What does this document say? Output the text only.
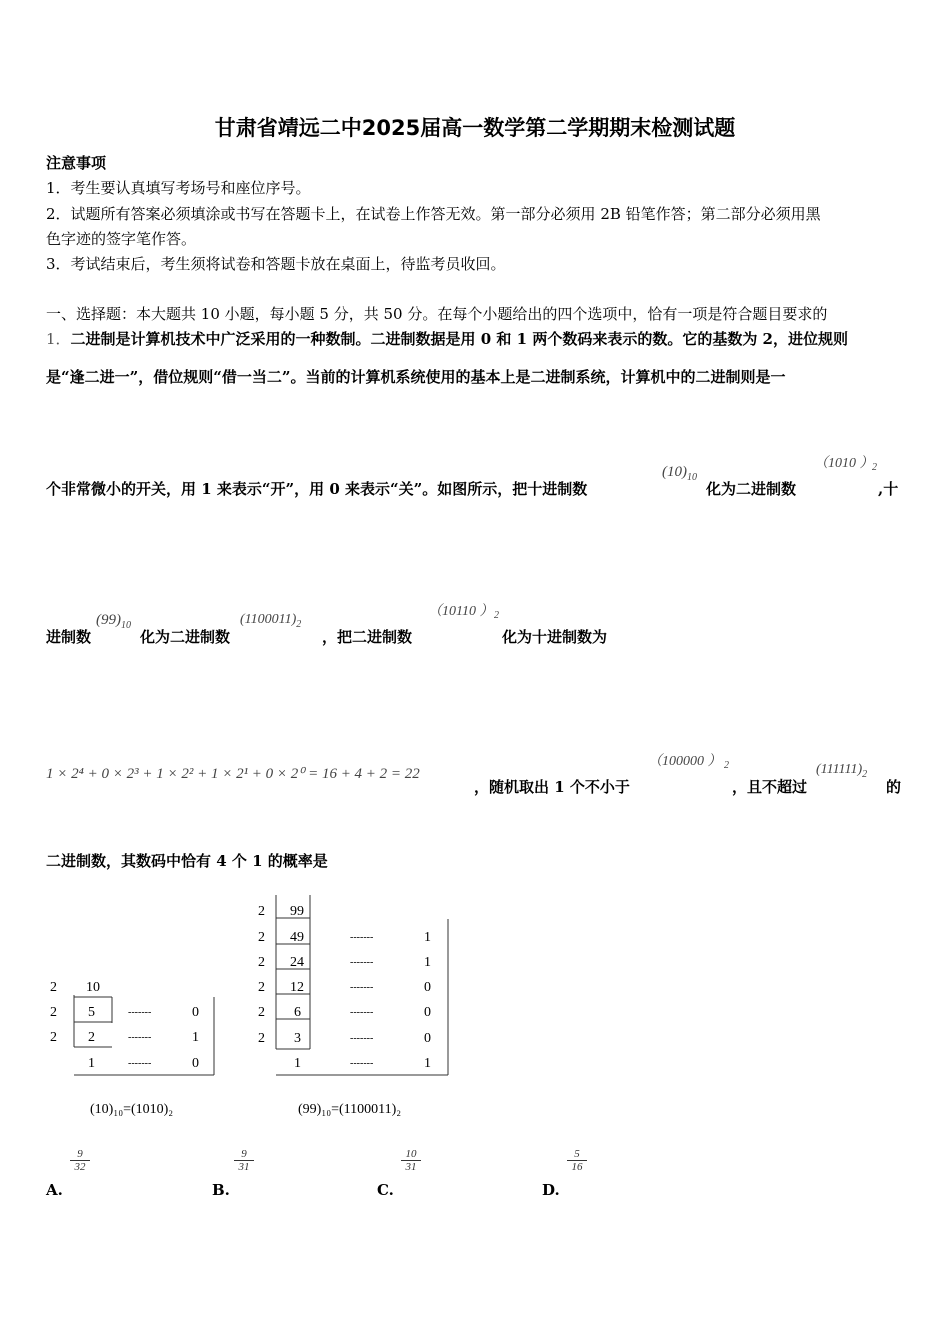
甘肃省靖远二中2025届高一数学第二学期期末检测试题
注意事项
1．考生要认真填写考场号和座位序号。
2．试题所有答案必须填涂或书写在答题卡上，在试卷上作答无效。第一部分必须用 2B 铅笔作答；第二部分必须用黑
色字迹的签字笔作答。
3．考试结束后，考生须将试卷和答题卡放在桌面上，待监考员收回。
一、选择题：本大题共 10 小题，每小题 5 分，共 50 分。在每个小题给出的四个选项中，恰有一项是符合题目要求的
1．二进制是计算机技术中广泛采用的一种数制。二进制数据是用 0 和 1 两个数码来表示的数。它的基数为 2，进位规则
是“逢二进一”，借位规则“借一当二”。当前的计算机系统使用的基本上是二进制系统，计算机中的二进制则是一
个非常微小的开关，用 1 来表示“开”，用 0 来表示“关”。如图所示，把十进制数
$(10)_{10}$
化为二进制数
（1010 ）
2
,十
进制数
$(99)_{10}$
化为二进制数
$(1100011)_2$
，把二进制数
（10110 ） 2
化为十进制数为
1 × 2⁴ + 0 × 2³ + 1 × 2² + 1 × 2¹ + 0 × 2⁰ = 16 + 4 + 2 = 22
，随机取出 1 个不小于
（100000 ） 2
，且不超过
$(111111)_2$
的
二进制数，其数码中恰有 4 个 1 的概率是
2
2
2
10
5
2
1
-------
-------
-------
0
1
0
(10)₁₀=(1010)₂
2
2
2
2
2
2
99
49
24
12
6
3
1
-------
-------
-------
-------
-------
-------
1
1
0
0
0
1
(99)₁₀=(1100011)₂
$\frac{9}{32}$
A.
$\frac{9}{31}$
B.
$\frac{10}{31}$
C.
$\frac{5}{16}$
D.
